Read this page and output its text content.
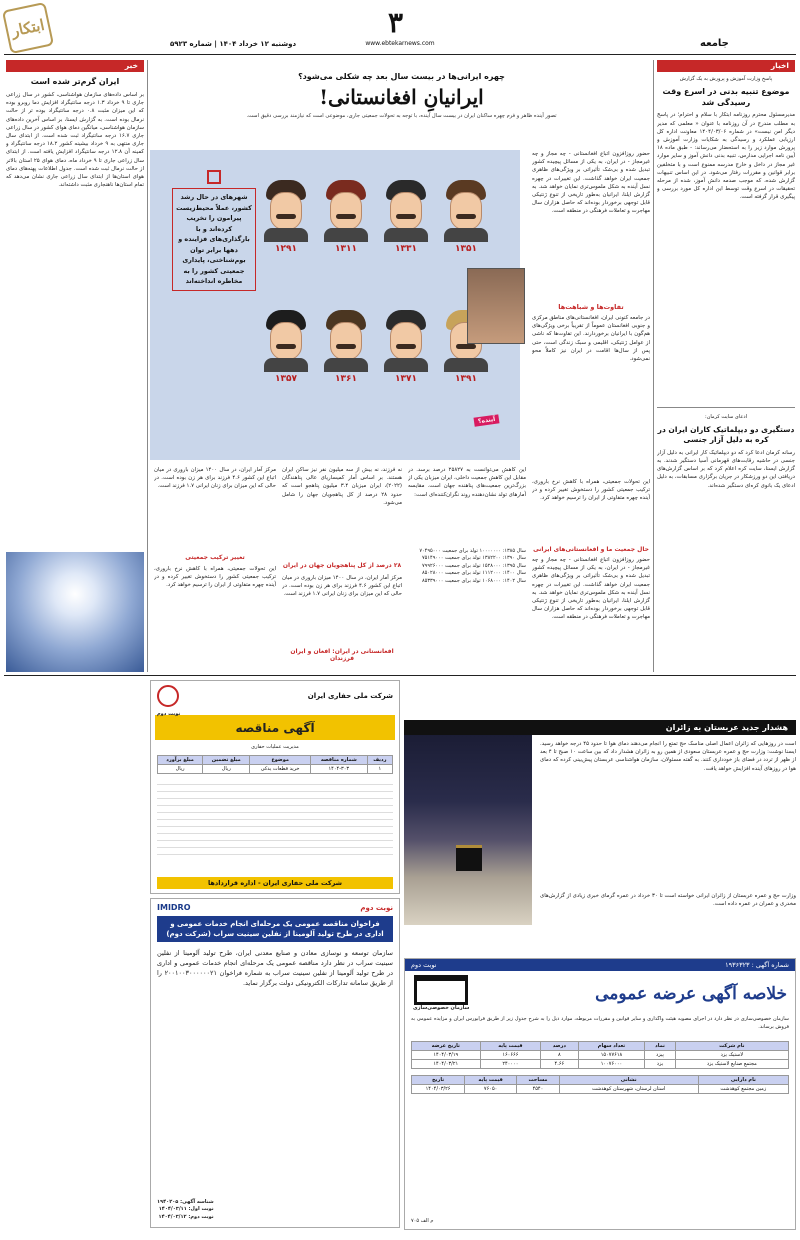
جامعه
۳
www.ebtekarnews.com
دوشنبه ۱۲ خرداد ۱۴۰۴ | شماره ۵۹۲۳
ابتکار
اخبار
پاسخ وزارت آموزش و پرورش به یک گزارش
موضوع تنبیه بدنی در اسرع وقت رسیدگی شد
مدیرمسئول محترم روزنامه ابتکار با سلام و احترام؛ در پاسخ به مطلب مندرج در آن روزنامه با عنوان « معلمی که مدیر دیگر امن نیست» در شماره ۱۴۰۴/۰۳/۰۶ معاونت اداره کل ارزیابی عملکرد و رسیدگی به شکایات وزارت آموزش و پرورش موارد زیر را به استحضار می‌رساند: - طبق ماده ۱۸ آیین نامه اجرایی مدارس، تنبیه بدنی دانش آموز و سایر موارد غیر مجاز در داخل و خارج مدرسه ممنوع است و با متخلفین برابر قوانین و مقررات رفتار می‌شود. در این اساس تنبیهات گزارش شده، که موجب صدمه دانش آموز، شده از مرحله تحقیقات در اسرع وقت توسط این اداره کل مورد بررسی و پیگیری قرار گرفته است.
ادعای سایت کرمان:
دستگیری دو دیپلماتیک کاران ایران در کره به دلیل آزار جنسی
رسانه کرمان ادعا کرد که دو دیپلماتیک کار ایرانی به دلیل آزار جنسی در حاشیه رقابت‌های قهرمانی آسیا دستگیر شدند. به گزارش ایسنا، سایت کره اعلام کرد که بر اساس گزارش‌های دریافتی این دو ورزشکار در جریان برگزاری مسابقات، به دلیل ادعای یک بانوی کره‌ای دستگیر شده‌اند.
خبر
ایران گرم‌تر شده است
بر اساس داده‌های سازمان هواشناسی، کشور در سال زراعی جاری تا ۹ خرداد ۱.۳ درجه سانتیگراد افزایش دما روبرو بوده که این میزان مثبت ۰.۸ درجه سانتیگراد بوده تر از حالت نرمال بوده است. به گزارش ایسنا، بر اساس آخرین داده‌های سازمان هواشناسی، میانگین دمای هوای کشور در سال زراعی جاری ۱۶.۷ درجه سانتیگراد ثبت شده است. از ابتدای سال جاری منتهی به ۹ خرداد بیشینه کشور ۱۸.۲ درجه سانتیگراد و کمینه آن ۱۲.۸ درجه سانتیگراد افزایش یافته است. از ابتدای سال زراعی جاری تا ۹ خرداد ماه، دمای هوای ۲۵ استان بالاتر از حالت نرمال ثبت شده است. جدول اطلاعات پهنه‌های دمای هوای استان‌ها از ابتدای سال زراعی جاری نشان می‌دهد که تمام استان‌ها ناهنجاری مثبت داشته‌اند.
چهره ایرانی‌ها در بیست سال بعد چه شکلی می‌شود؟
ایرانیانِ افغانستانی!
تصور آینده ظاهر و فرم چهره ساکنان ایران در بیست سال آینده، با توجه به تحولات جمعیتی جاری، موضوعی است که نیازمند بررسی دقیق است.
۱۲۹۱	۱۳۱۱	۱۳۳۱	۱۳۵۱
۱۳۵۷	۱۳۶۱	۱۳۷۱	۱۳۹۱
شهرهای در حال رشد کشور، عملاً محیط‌زیست پیرامون را تخریب کرده‌اند و با بارگذاری‌های فزاینده و دهها برابر توان بوم‌شناختی، پایداری جمعیتی کشور را به مخاطره انداخته‌اند
آینده؟
حضور روزافزون اتباع افغانستانی - چه مجاز و چه غیرمجاز - در ایران، به یکی از مسائل پیچیده کشور تبدیل شده و بی‌شک تأثیراتی بر ویژگی‌های ظاهری جمعیت ایران خواهد گذاشت. این تغییرات در چهره نسل آینده به شکل ملموس‌تری نمایان خواهد شد. به گزارش ایلنا، ایرانیان به‌طور تاریخی از تنوع ژنتیکی قابل توجهی برخوردار بوده‌اند که حاصل هزاران سال مهاجرت و تعاملات فرهنگی در منطقه است.
تفاوت‌ها و شباهت‌ها
در جامعه کنونی ایران، افغانستانی‌های مناطق مرکزی و جنوبی افغانستان عموماً از تقریباً برخی ویژگی‌های هم‌گون با ایرانیان برخوردارند. این تفاوت‌ها که ناشی از عوامل ژنتیکی، اقلیمی و سبک زندگی است، حتی پس از سال‌ها اقامت در ایران نیز کاملاً محو نمی‌شود.
این تحولات جمعیتی، همراه با کاهش نرخ باروری، ترکیب جمعیتی کشور را دستخوش تغییر کرده و در آینده چهره متفاوتی از ایران را ترسیم خواهد کرد.
حال جمعیت ما و افغانستانی‌های ایرانی
حضور روزافزون اتباع افغانستانی - چه مجاز و چه غیرمجاز - در ایران، به یکی از مسائل پیچیده کشور تبدیل شده و بی‌شک تأثیراتی بر ویژگی‌های ظاهری جمعیت ایران خواهد گذاشت. این تغییرات در چهره نسل آینده به شکل ملموس‌تری نمایان خواهد شد. به گزارش ایلنا، ایرانیان به‌طور تاریخی از تنوع ژنتیکی قابل توجهی برخوردار بوده‌اند که حاصل هزاران سال مهاجرت و تعاملات فرهنگی در منطقه است.
این کاهش می‌توانست به ۲۵۸۲۷ درصد برسد. در مقابل این کاهش جمعیت داخلی، ایران میزبان یکی از بزرگ‌ترین جمعیت‌های پناهنده جهان است. مقایسه آمارهای تولد نشان‌دهنده روند نگران‌کننده‌ای است:
سال ۱۳۸۵: ۱۰۰۰۰۰۰۰ تولد برای جمعیت ۷۰۴۹۵۰۰۰
سال ۱۳۹۰: ۱۳۸۲۲۰۰ تولد برای جمعیت ۷۵۱۴۹۰۰۰
سال ۱۳۹۵: ۱۵۲۸۰۰۰ تولد برای جمعیت ۷۹۹۲۶۰۰۰
سال ۱۴۰۰: ۱۱۱۲۰۰۰ تولد برای جمعیت ۸۵۰۲۸۰۰۰
سال ۱۴۰۲: ۱۰۶۸۰۰۰ تولد برای جمعیت ۸۵۳۳۹۰۰۰
نه فرزند، نه بیش از سه میلیون نفر نیز ساکن ایران هستند. بر اساس آمار کمیساریای عالی پناهندگان (۲۰۲۲)، ایران میزبان ۳.۴ میلیون پناهجو است که حدود ۲۸ درصد از کل پناهجویان جهان را شامل می‌شود.
۲۸ درصد از کل پناهجویان جهان در ایران
مرکز آمار ایران، در سال ۱۴۰۰ میزان باروری در میان اتباع این کشور ۴.۶ فرزند برای هر زن بوده است. در حالی که این میزان برای زنان ایرانی ۱.۷ فرزند است.
افغانستانی در ایران: افغان و ایران فرزندان
مرکز آمار ایران، در سال ۱۴۰۰ میزان باروری در میان اتباع این کشور ۴.۶ فرزند برای هر زن بوده است. در حالی که این میزان برای زنان ایرانی ۱.۷ فرزند است.
تغییر ترکیب جمعیتی
این تحولات جمعیتی، همراه با کاهش نرخ باروری، ترکیب جمعیتی کشور را دستخوش تغییر کرده و در آینده چهره متفاوتی از ایران را ترسیم خواهد کرد.
شرکت ملی حفاری ایران
آگهی مناقصه
مدیریت عملیات حفاری
نوبت دوم
ردیف	شماره مناقصه	موضوع	مبلغ تضمین	مبلغ برآورد
۱	۱۴۰۴-۳۰۳	خرید قطعات یدکی	ریال	ریال
شرکت ملی حفاری ایران - اداره قراردادها
نوبت دوم
IMIDRO
فراخوان مناقصه عمومی یک مرحله‌ای انجام خدمات عمومی و اداری در طرح تولید آلومینا از نفلین سینیت سراب (شرکت دوم)
سازمان توسعه و نوسازی معادن و صنایع معدنی ایران، طرح تولید آلومینا از نفلین سینیت سراب در نظر دارد مناقصه عمومی یک مرحله‌ای انجام خدمات عمومی و اداری در طرح تولید آلومینا از نفلین سینیت سراب به شماره فراخوان ۲۰۰۱۰۰۳۰۰۰۰۰۰۲۱ را از طریق سامانه تدارکات الکترونیکی دولت برگزار نماید.
شناسه آگهی: ۱۹۴۰۲۰۵
نوبت اول: ۱۴۰۴/۰۳/۱۱
نوبت دوم: ۱۴۰۴/۰۳/۱۲
هشدار جدید عربستان به زائران
است در روزهایی که زائران اعمال اصلی مناسک حج تمتع را انجام می‌دهند دمای هوا تا حدود ۴۵ درجه خواهد رسید. ایسنا نوشت: وزارت حج و عمره عربستان سعودی از همین رو به زائران هشدار داد که بین ساعت ۱۰ صبح تا ۴ بعد از ظهر از تردد در فضای باز خودداری کنند. به گفته مسئولان، سازمان هواشناسی عربستان پیش‌بینی کرده که دمای هوا در روزهای آینده افزایش خواهد یافت.
وزارت حج و عمره عربستان از زائران ایرانی خواسته است تا ۳۰ خرداد در عمره گرمای خبری زیادی از گزارش‌های مخدری و عمران در عمره داده است.
شماره آگهی : ۱۹۳۶۳۲۳
نوبت دوم
خلاصه آگهی عرضه عمومی
سازمان خصوصی‌سازی
سازمان خصوصی‌سازی در نظر دارد در اجرای مصوبه هیئت واگذاری و سایر قوانین و مقررات مربوطه، موارد ذیل را به شرح جدول زیر از طریق فرابورس ایران و مزایده عمومی به فروش برساند.
نام شرکت	نماد	تعداد سهام	درصد	قیمت پایه	تاریخ عرضه
لاستیک یزد	پیزد	۱۵۰۷۷۶۱۸	۸	۱۶۰۶۶۶	۱۴۰۴/۰۳/۱۹
مجتمع صنایع لاستیک یزد	یزد	۱۰۰۷۶۰۰۰	۴.۶۶	۲۴۰۰۰۰	۱۴۰۴/۰۳/۲۱
نام دارایی	نشانی	مساحت	قیمت پایه	تاریخ
زمین مجتمع کوهدشت	استان لرستان، شهرستان کوهدشت	۴۵۴۰	۷۶۰۵۰	۱۴۰۴/۰۳/۲۶
م الف ۷۰۵
